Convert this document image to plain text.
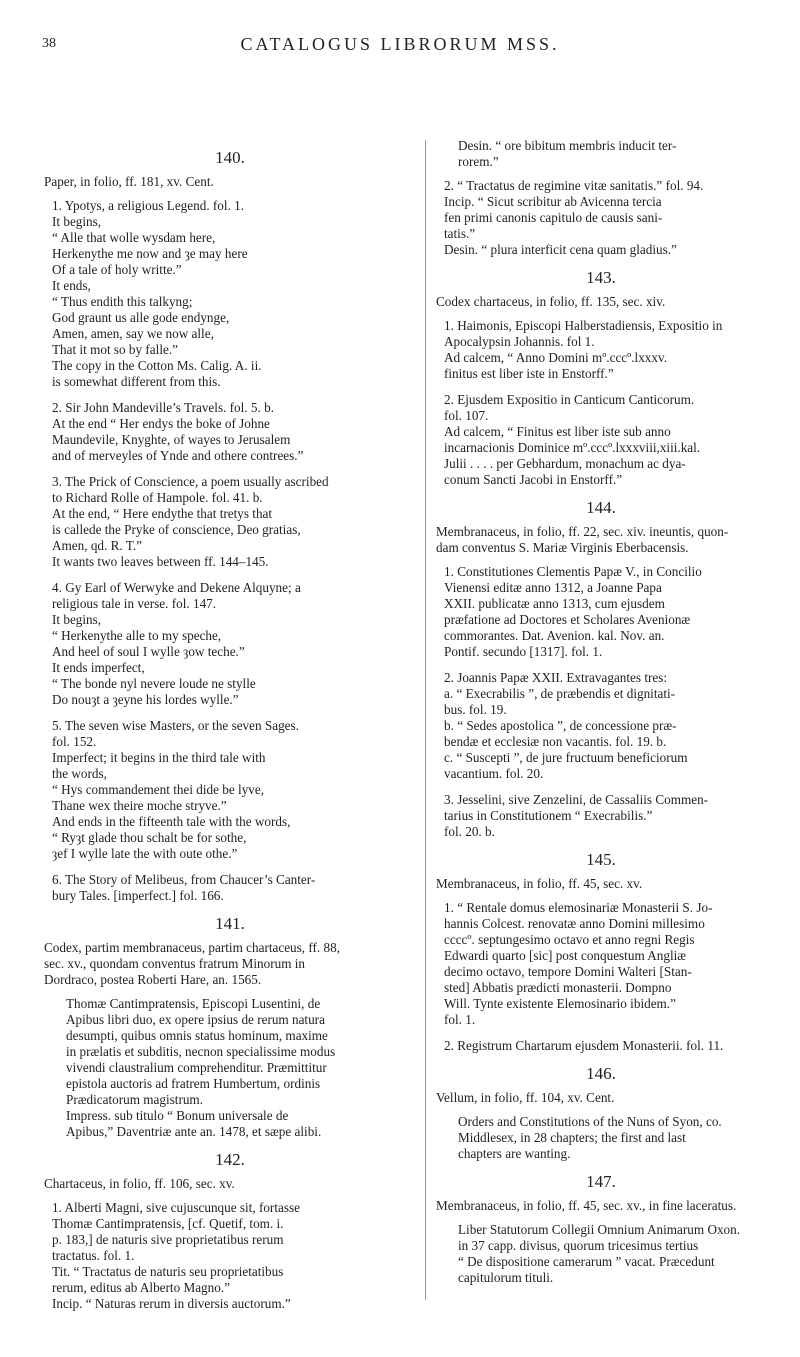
38	CATALOGUS LIBRORUM MSS.
140.
Paper, in folio, ff. 181, xv. Cent.
1. Ypotys, a religious Legend. fol. 1.
It begins,
“ Alle that wolle wysdam here,
Herkenythe me now and ȝe may here
Of a tale of holy writte.”
It ends,
“ Thus endith this talkyng;
God graunt us alle gode endynge,
Amen, amen, say we now alle,
That it mot so by falle.”
The copy in the Cotton Ms. Calig. A. ii.
is somewhat different from this.
2. Sir John Mandeville’s Travels. fol. 5. b.
At the end “ Her endys the boke of Johne
Maundevile, Knyghte, of wayes to Jerusalem
and of merveyles of Ynde and othere contrees.”
3. The Prick of Conscience, a poem usually ascribed
to Richard Rolle of Hampole. fol. 41. b.
At the end, “ Here endythe that tretys that
is callede the Pryke of conscience, Deo gratias,
Amen, qd. R. T.”
It wants two leaves between ff. 144–145.
4. Gy Earl of Werwyke and Dekene Alquyne; a
religious tale in verse. fol. 147.
It begins,
“ Herkenythe alle to my speche,
And heel of soul I wylle ȝow teche.”
It ends imperfect,
“ The bonde nyl nevere loude ne stylle
Do nouȝt a ȝeyne his lordes wylle.”
5. The seven wise Masters, or the seven Sages.
fol. 152.
Imperfect; it begins in the third tale with
the words,
“ Hys commandement thei dide be lyve,
Thane wex theire moche stryve.”
And ends in the fifteenth tale with the words,
“ Ryȝt glade thou schalt be for sothe,
ȝef I wylle late the with oute othe.”
6. The Story of Melibeus, from Chaucer’s Canter-
bury Tales. [imperfect.] fol. 166.
141.
Codex, partim membranaceus, partim chartaceus, ff. 88,
sec. xv., quondam conventus fratrum Minorum in
Dordraco, postea Roberti Hare, an. 1565.
Thomæ Cantimpratensis, Episcopi Lusentini, de
Apibus libri duo, ex opere ipsius de rerum natura
desumpti, quibus omnis status hominum, maxime
in prælatis et subditis, necnon specialissime modus
vivendi claustralium comprehenditur. Præmittitur
epistola auctoris ad fratrem Humbertum, ordinis
Prædicatorum magistrum.
Impress. sub titulo “ Bonum universale de
Apibus,” Daventriæ ante an. 1478, et sæpe alibi.
142.
Chartaceus, in folio, ff. 106, sec. xv.
1. Alberti Magni, sive cujuscunque sit, fortasse
Thomæ Cantimpratensis, [cf. Quetif, tom. i.
p. 183,] de naturis sive proprietatibus rerum
tractatus. fol. 1.
Tit. “ Tractatus de naturis seu proprietatibus
rerum, editus ab Alberto Magno.”
Incip. “ Naturas rerum in diversis auctorum.”
Desin. “ ore bibitum membris inducit ter-
rorem.”
2. “ Tractatus de regimine vitæ sanitatis.” fol. 94.
Incip. “ Sicut scribitur ab Avicenna tercia
fen primi canonis capitulo de causis sani-
tatis.”
Desin. “ plura interficit cena quam gladius.”
143.
Codex chartaceus, in folio, ff. 135, sec. xiv.
1. Haimonis, Episcopi Halberstadiensis, Expositio in
Apocalypsin Johannis. fol 1.
Ad calcem, “ Anno Domini mº.cccº.lxxxv.
finitus est liber iste in Enstorff.”
2. Ejusdem Expositio in Canticum Canticorum.
fol. 107.
Ad calcem, “ Finitus est liber iste sub anno
incarnacionis Dominice mº.cccº.lxxxviii,xiii.kal.
Julii . . . . per Gebhardum, monachum ac dya-
conum Sancti Jacobi in Enstorff.”
144.
Membranaceus, in folio, ff. 22, sec. xiv. ineuntis, quon-
dam conventus S. Mariæ Virginis Eberbacensis.
1. Constitutiones Clementis Papæ V., in Concilio
Vienensi editæ anno 1312, a Joanne Papa
XXII. publicatæ anno 1313, cum ejusdem
præfatione ad Doctores et Scholares Avenionæ
commorantes. Dat. Avenion. kal. Nov. an.
Pontif. secundo [1317]. fol. 1.
2. Joannis Papæ XXII. Extravagantes tres:
a. “ Execrabilis ”, de præbendis et dignitati-
bus. fol. 19.
b. “ Sedes apostolica ”, de concessione præ-
bendæ et ecclesiæ non vacantis. fol. 19. b.
c. “ Suscepti ”, de jure fructuum beneficiorum
vacantium. fol. 20.
3. Jesselini, sive Zenzelini, de Cassaliis Commen-
tarius in Constitutionem “ Execrabilis.”
fol. 20. b.
145.
Membranaceus, in folio, ff. 45, sec. xv.
1. “ Rentale domus elemosinariæ Monasterii S. Jo-
hannis Colcest. renovatæ anno Domini millesimo
ccccº. septungesimo octavo et anno regni Regis
Edwardi quarto [sic] post conquestum Angliæ
decimo octavo, tempore Domini Walteri [Stan-
sted] Abbatis prædicti monasterii. Dompno
Will. Tynte existente Elemosinario ibidem.”
fol. 1.
2. Registrum Chartarum ejusdem Monasterii. fol. 11.
146.
Vellum, in folio, ff. 104, xv. Cent.
Orders and Constitutions of the Nuns of Syon, co.
Middlesex, in 28 chapters; the first and last
chapters are wanting.
147.
Membranaceus, in folio, ff. 45, sec. xv., in fine laceratus.
Liber Statutorum Collegii Omnium Animarum Oxon.
in 37 capp. divisus, quorum tricesimus tertius
“ De dispositione camerarum ” vacat. Præcedunt
capitulorum tituli.
